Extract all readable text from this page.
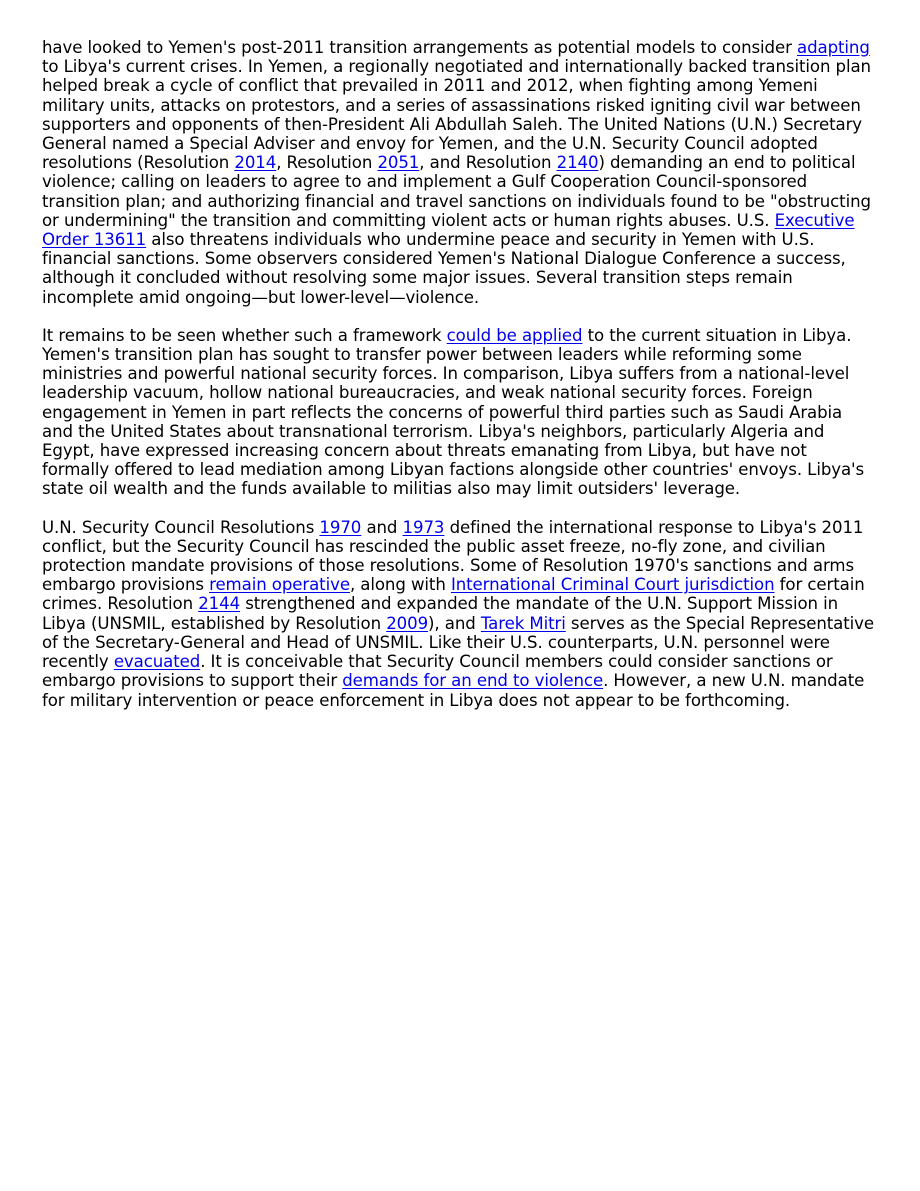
have looked to Yemen's post-2011 transition arrangements as potential models to consider adapting to Libya's current crises. In Yemen, a regionally negotiated and internationally backed transition plan helped break a cycle of conflict that prevailed in 2011 and 2012, when fighting among Yemeni military units, attacks on protestors, and a series of assassinations risked igniting civil war between supporters and opponents of then-President Ali Abdullah Saleh. The United Nations (U.N.) Secretary General named a Special Adviser and envoy for Yemen, and the U.N. Security Council adopted resolutions (Resolution 2014, Resolution 2051, and Resolution 2140) demanding an end to political violence; calling on leaders to agree to and implement a Gulf Cooperation Council-sponsored transition plan; and authorizing financial and travel sanctions on individuals found to be "obstructing or undermining" the transition and committing violent acts or human rights abuses. U.S. Executive Order 13611 also threatens individuals who undermine peace and security in Yemen with U.S. financial sanctions. Some observers considered Yemen's National Dialogue Conference a success, although it concluded without resolving some major issues. Several transition steps remain incomplete amid ongoing—but lower-level—violence.

It remains to be seen whether such a framework could be applied to the current situation in Libya. Yemen's transition plan has sought to transfer power between leaders while reforming some ministries and powerful national security forces. In comparison, Libya suffers from a national-level leadership vacuum, hollow national bureaucracies, and weak national security forces. Foreign engagement in Yemen in part reflects the concerns of powerful third parties such as Saudi Arabia and the United States about transnational terrorism. Libya's neighbors, particularly Algeria and Egypt, have expressed increasing concern about threats emanating from Libya, but have not formally offered to lead mediation among Libyan factions alongside other countries' envoys. Libya's state oil wealth and the funds available to militias also may limit outsiders' leverage.

U.N. Security Council Resolutions 1970 and 1973 defined the international response to Libya's 2011 conflict, but the Security Council has rescinded the public asset freeze, no-fly zone, and civilian protection mandate provisions of those resolutions. Some of Resolution 1970's sanctions and arms embargo provisions remain operative, along with International Criminal Court jurisdiction for certain crimes. Resolution 2144 strengthened and expanded the mandate of the U.N. Support Mission in Libya (UNSMIL, established by Resolution 2009), and Tarek Mitri serves as the Special Representative of the Secretary-General and Head of UNSMIL. Like their U.S. counterparts, U.N. personnel were recently evacuated. It is conceivable that Security Council members could consider sanctions or embargo provisions to support their demands for an end to violence. However, a new U.N. mandate for military intervention or peace enforcement in Libya does not appear to be forthcoming.
